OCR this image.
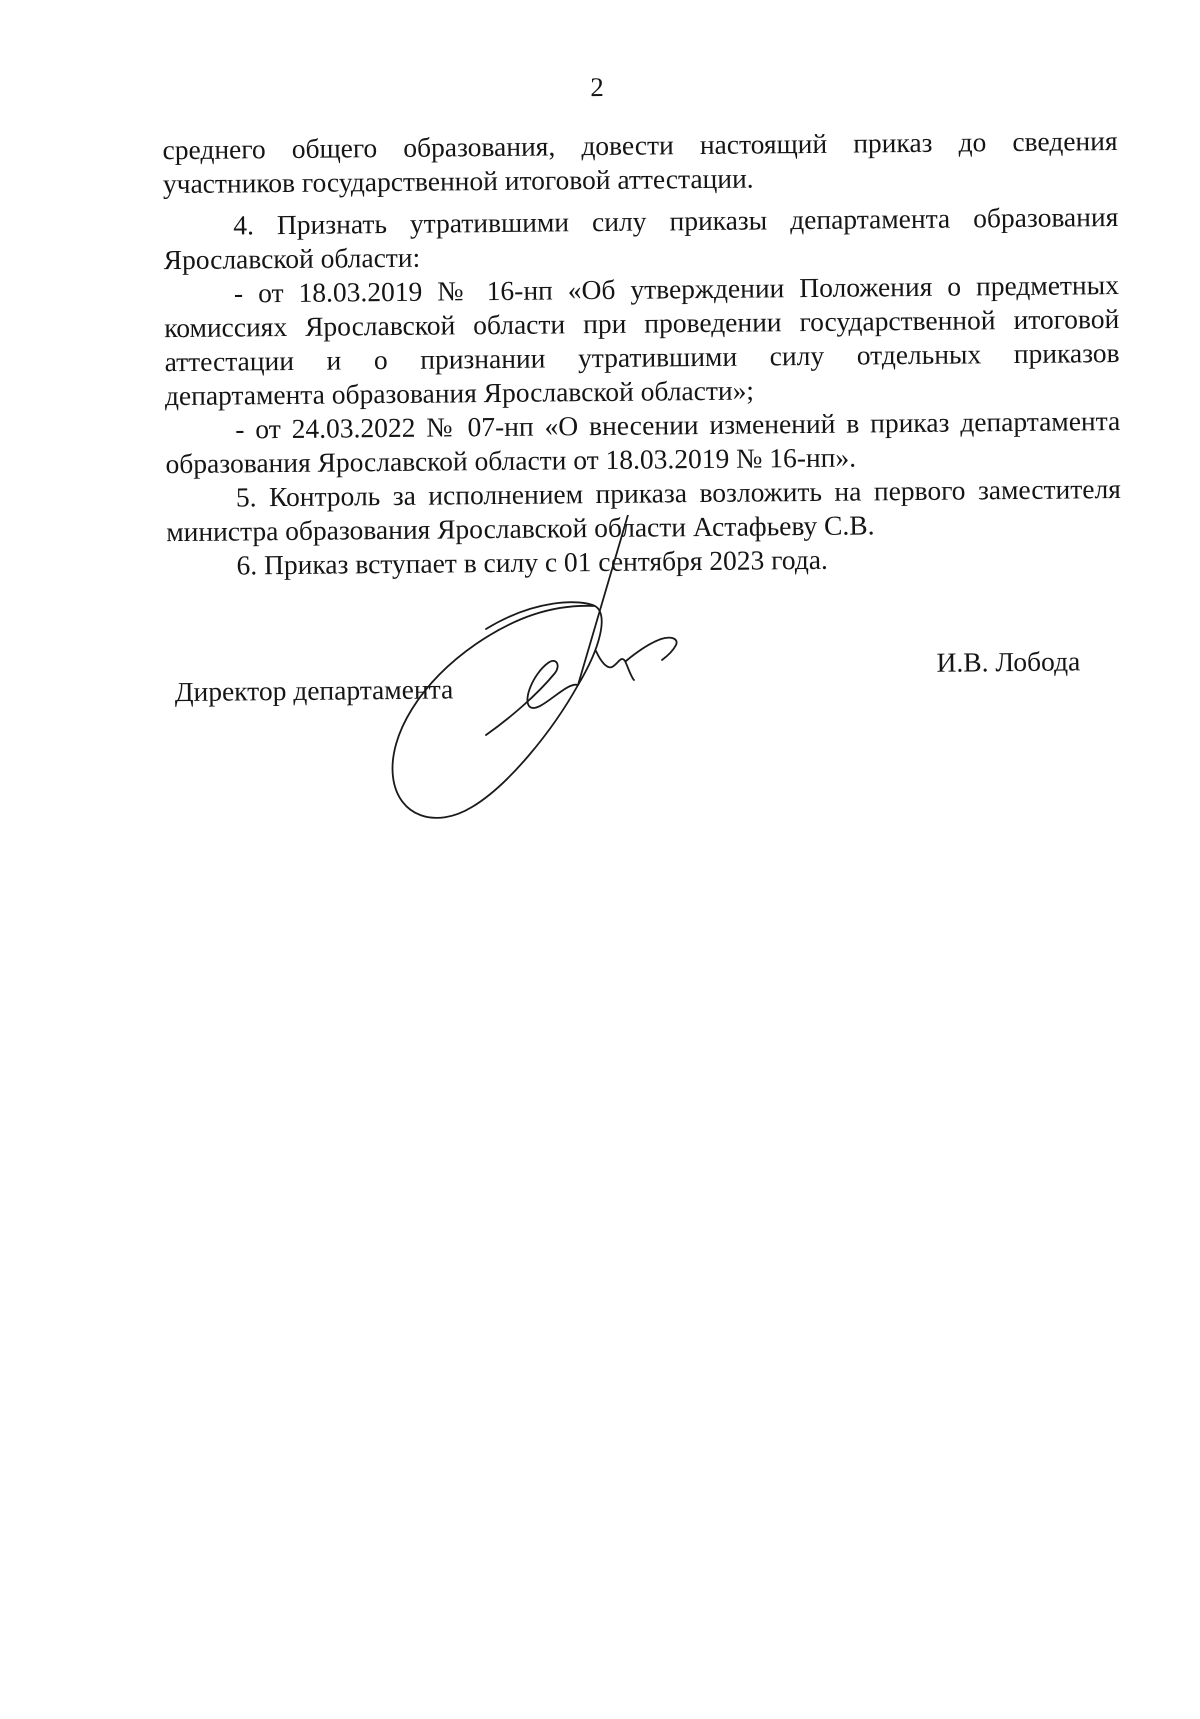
2
среднего общего образования, довести настоящий приказ до сведения
участников государственной итоговой аттестации.
4. Признать утратившими силу приказы департамента образования
Ярославской области:
- от 18.03.2019 № 16-нп «Об утверждении Положения о предметных
комиссиях Ярославской области при проведении государственной итоговой
аттестации и о признании утратившими силу отдельных приказов
департамента образования Ярославской области»;
- от 24.03.2022 № 07-нп «О внесении изменений в приказ департамента
образования Ярославской области от 18.03.2019 № 16-нп».
5. Контроль за исполнением приказа возложить на первого заместителя
министра образования Ярославской области Астафьеву С.В.
6. Приказ вступает в силу с 01 сентября 2023 года.
Директор департамента
И.В. Лобода
